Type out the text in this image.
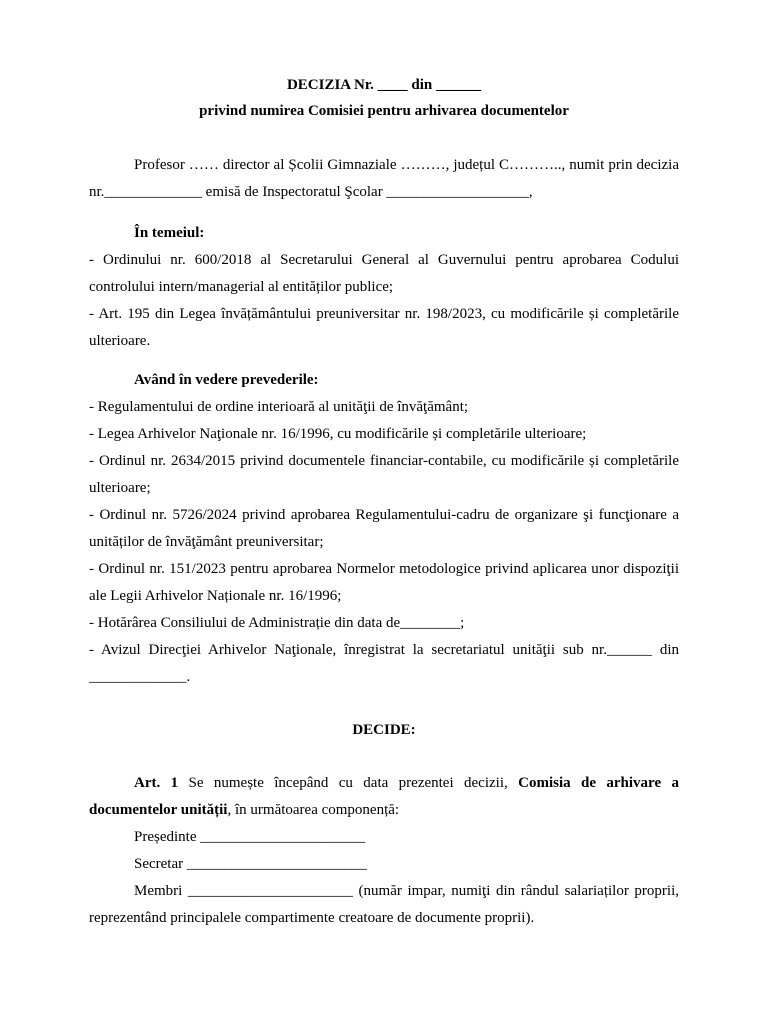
DECIZIA Nr. ____ din ______
privind numirea Comisiei pentru arhivarea documentelor

Profesor …… director al Școlii Gimnaziale ………, județul C……….., numit prin decizia nr._____________ emisă de Inspectoratul Şcolar ___________________,

În temeiul:

- Ordinului nr. 600/2018 al Secretarului General al Guvernului pentru aprobarea Codului controlului intern/managerial al entităților publice;

- Art. 195 din Legea învățământului preuniversitar nr. 198/2023, cu modificările și completările ulterioare.

Având în vedere prevederile:

- Regulamentului de ordine interioară al unităţii de învăţământ;

- Legea Arhivelor Naţionale nr. 16/1996, cu modificările și completările ulterioare;

- Ordinul nr. 2634/2015 privind documentele financiar-contabile, cu modificările și completările ulterioare;

- Ordinul nr. 5726/2024 privind aprobarea Regulamentului-cadru de organizare şi funcţionare a unităților de învăţământ preuniversitar;

- Ordinul nr. 151/2023 pentru aprobarea Normelor metodologice privind aplicarea unor dispoziţii ale Legii Arhivelor Naționale nr. 16/1996;

- Hotărârea Consiliului de Administrație din data de________;

- Avizul Direcţiei Arhivelor Naţionale, înregistrat la secretariatul unităţii sub nr.______ din _____________.

DECIDE:

Art. 1 Se numește începând cu data prezentei decizii, Comisia de arhivare a documentelor unității, în următoarea componență:

Președinte ______________________
Secretar ________________________

Membri ______________________ (număr impar, numiţi din rândul salariaților proprii, reprezentând principalele compartimente creatoare de documente proprii).
